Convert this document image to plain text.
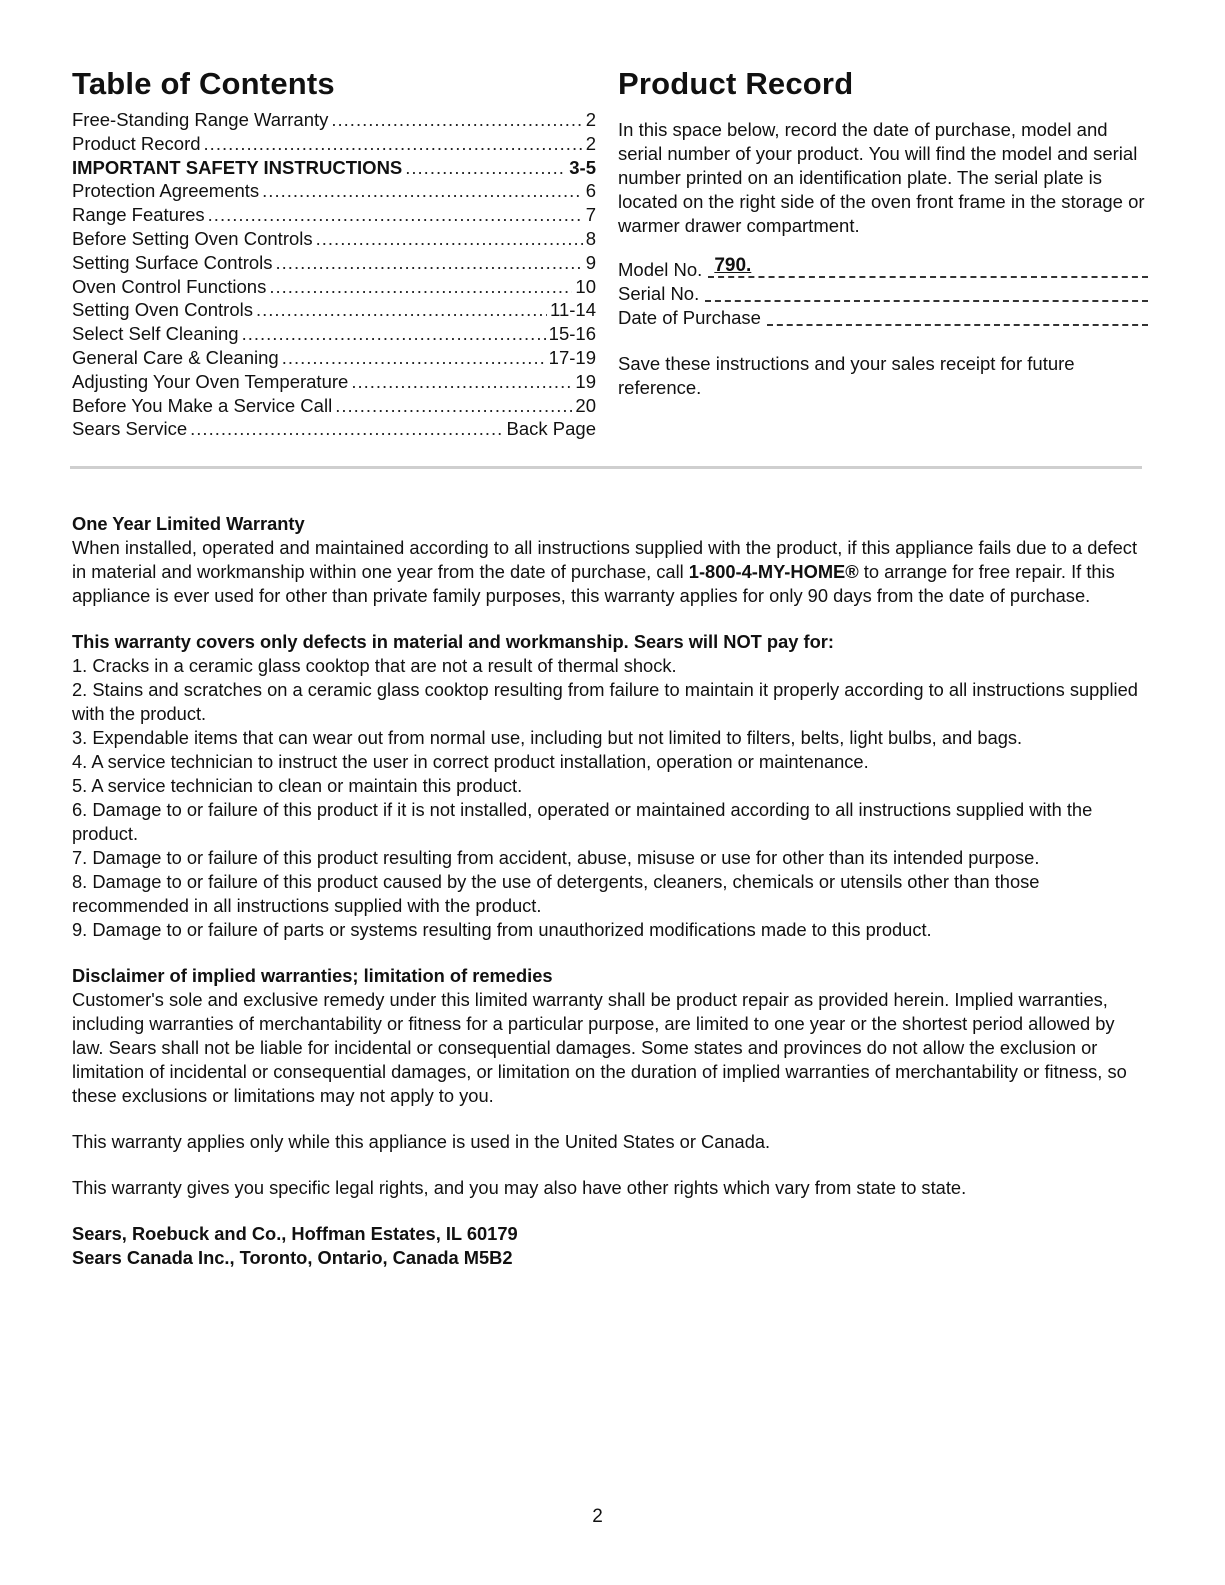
Table of Contents
Free-Standing Range Warranty .....	2
Product Record .....	2
IMPORTANT SAFETY INSTRUCTIONS .....	3-5
Protection Agreements .....	6
Range Features .....	7
Before Setting Oven Controls .....	8
Setting Surface Controls .....	9
Oven Control Functions .....	10
Setting Oven Controls .....	11-14
Select Self Cleaning .....	15-16
General Care & Cleaning .....	17-19
Adjusting Your Oven Temperature .....	19
Before You Make a Service Call .....	20
Sears Service .....	Back Page
Product Record

In this space below, record the date of purchase, model and serial number of your product. You will find the model and serial number printed on an identification plate. The serial plate is located on the right side of the oven front frame in the storage or warmer drawer compartment.

Model No. 790.
Serial No.
Date of Purchase

Save these instructions and your sales receipt for future reference.

One Year Limited Warranty

When installed, operated and maintained according to all instructions supplied with the product, if this appliance fails due to a defect in material and workmanship within one year from the date of purchase, call 1-800-4-MY-HOME® to arrange for free repair. If this appliance is ever used for other than private family purposes, this warranty applies for only 90 days from the date of purchase.

This warranty covers only defects in material and workmanship. Sears will NOT pay for:
1. Cracks in a ceramic glass cooktop that are not a result of thermal shock.
2. Stains and scratches on a ceramic glass cooktop resulting from failure to maintain it properly according to all instructions supplied with the product.
3. Expendable items that can wear out from normal use, including but not limited to filters, belts, light bulbs, and bags.
4. A service technician to instruct the user in correct product installation, operation or maintenance.
5. A service technician to clean or maintain this product.
6. Damage to or failure of this product if it is not installed, operated or maintained according to all instructions supplied with the product.
7. Damage to or failure of this product resulting from accident, abuse, misuse or use for other than its intended purpose.
8. Damage to or failure of this product caused by the use of detergents, cleaners, chemicals or utensils other than those recommended in all instructions supplied with the product.
9. Damage to or failure of parts or systems resulting from unauthorized modifications made to this product.
Disclaimer of implied warranties; limitation of remedies

Customer's sole and exclusive remedy under this limited warranty shall be product repair as provided herein. Implied warranties, including warranties of merchantability or fitness for a particular purpose, are limited to one year or the shortest period allowed by law. Sears shall not be liable for incidental or consequential damages. Some states and provinces do not allow the exclusion or limitation of incidental or consequential damages, or limitation on the duration of implied warranties of merchantability or fitness, so these exclusions or limitations may not apply to you.

This warranty applies only while this appliance is used in the United States or Canada.

This warranty gives you specific legal rights, and you may also have other rights which vary from state to state.

Sears, Roebuck and Co., Hoffman Estates, IL 60179

Sears Canada Inc., Toronto, Ontario, Canada M5B2

2
